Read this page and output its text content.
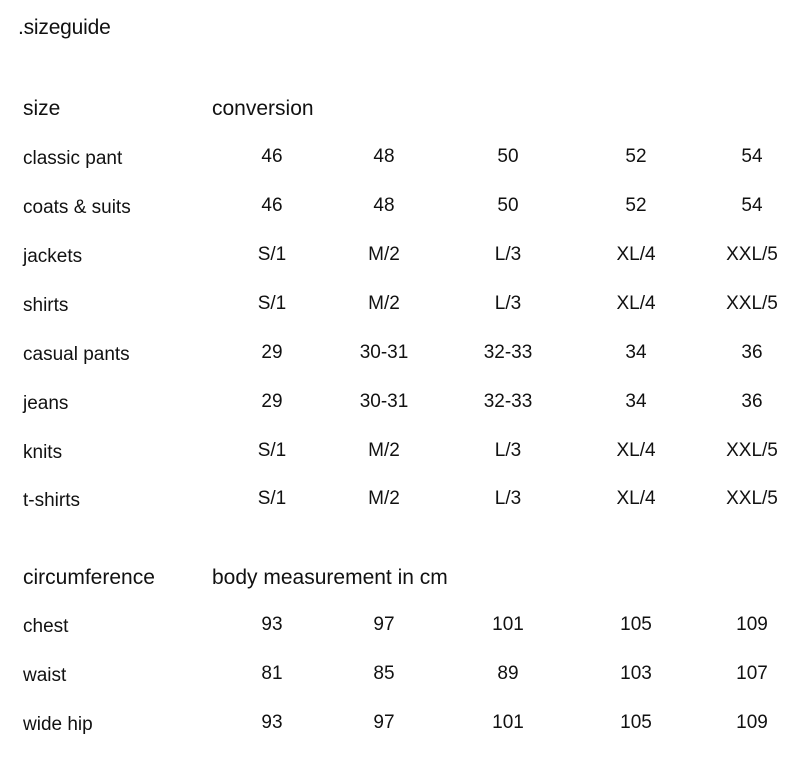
.sizeguide
size	conversion
classic pant	46	48	50	52	54
coats & suits	46	48	50	52	54
jackets	S/1	M/2	L/3	XL/4	XXL/5
shirts	S/1	M/2	L/3	XL/4	XXL/5
casual pants	29	30-31	32-33	34	36
jeans	29	30-31	32-33	34	36
knits	S/1	M/2	L/3	XL/4	XXL/5
t-shirts	S/1	M/2	L/3	XL/4	XXL/5
circumference	body measurement in cm
chest	93	97	101	105	109
waist	81	85	89	103	107
wide hip	93	97	101	105	109
